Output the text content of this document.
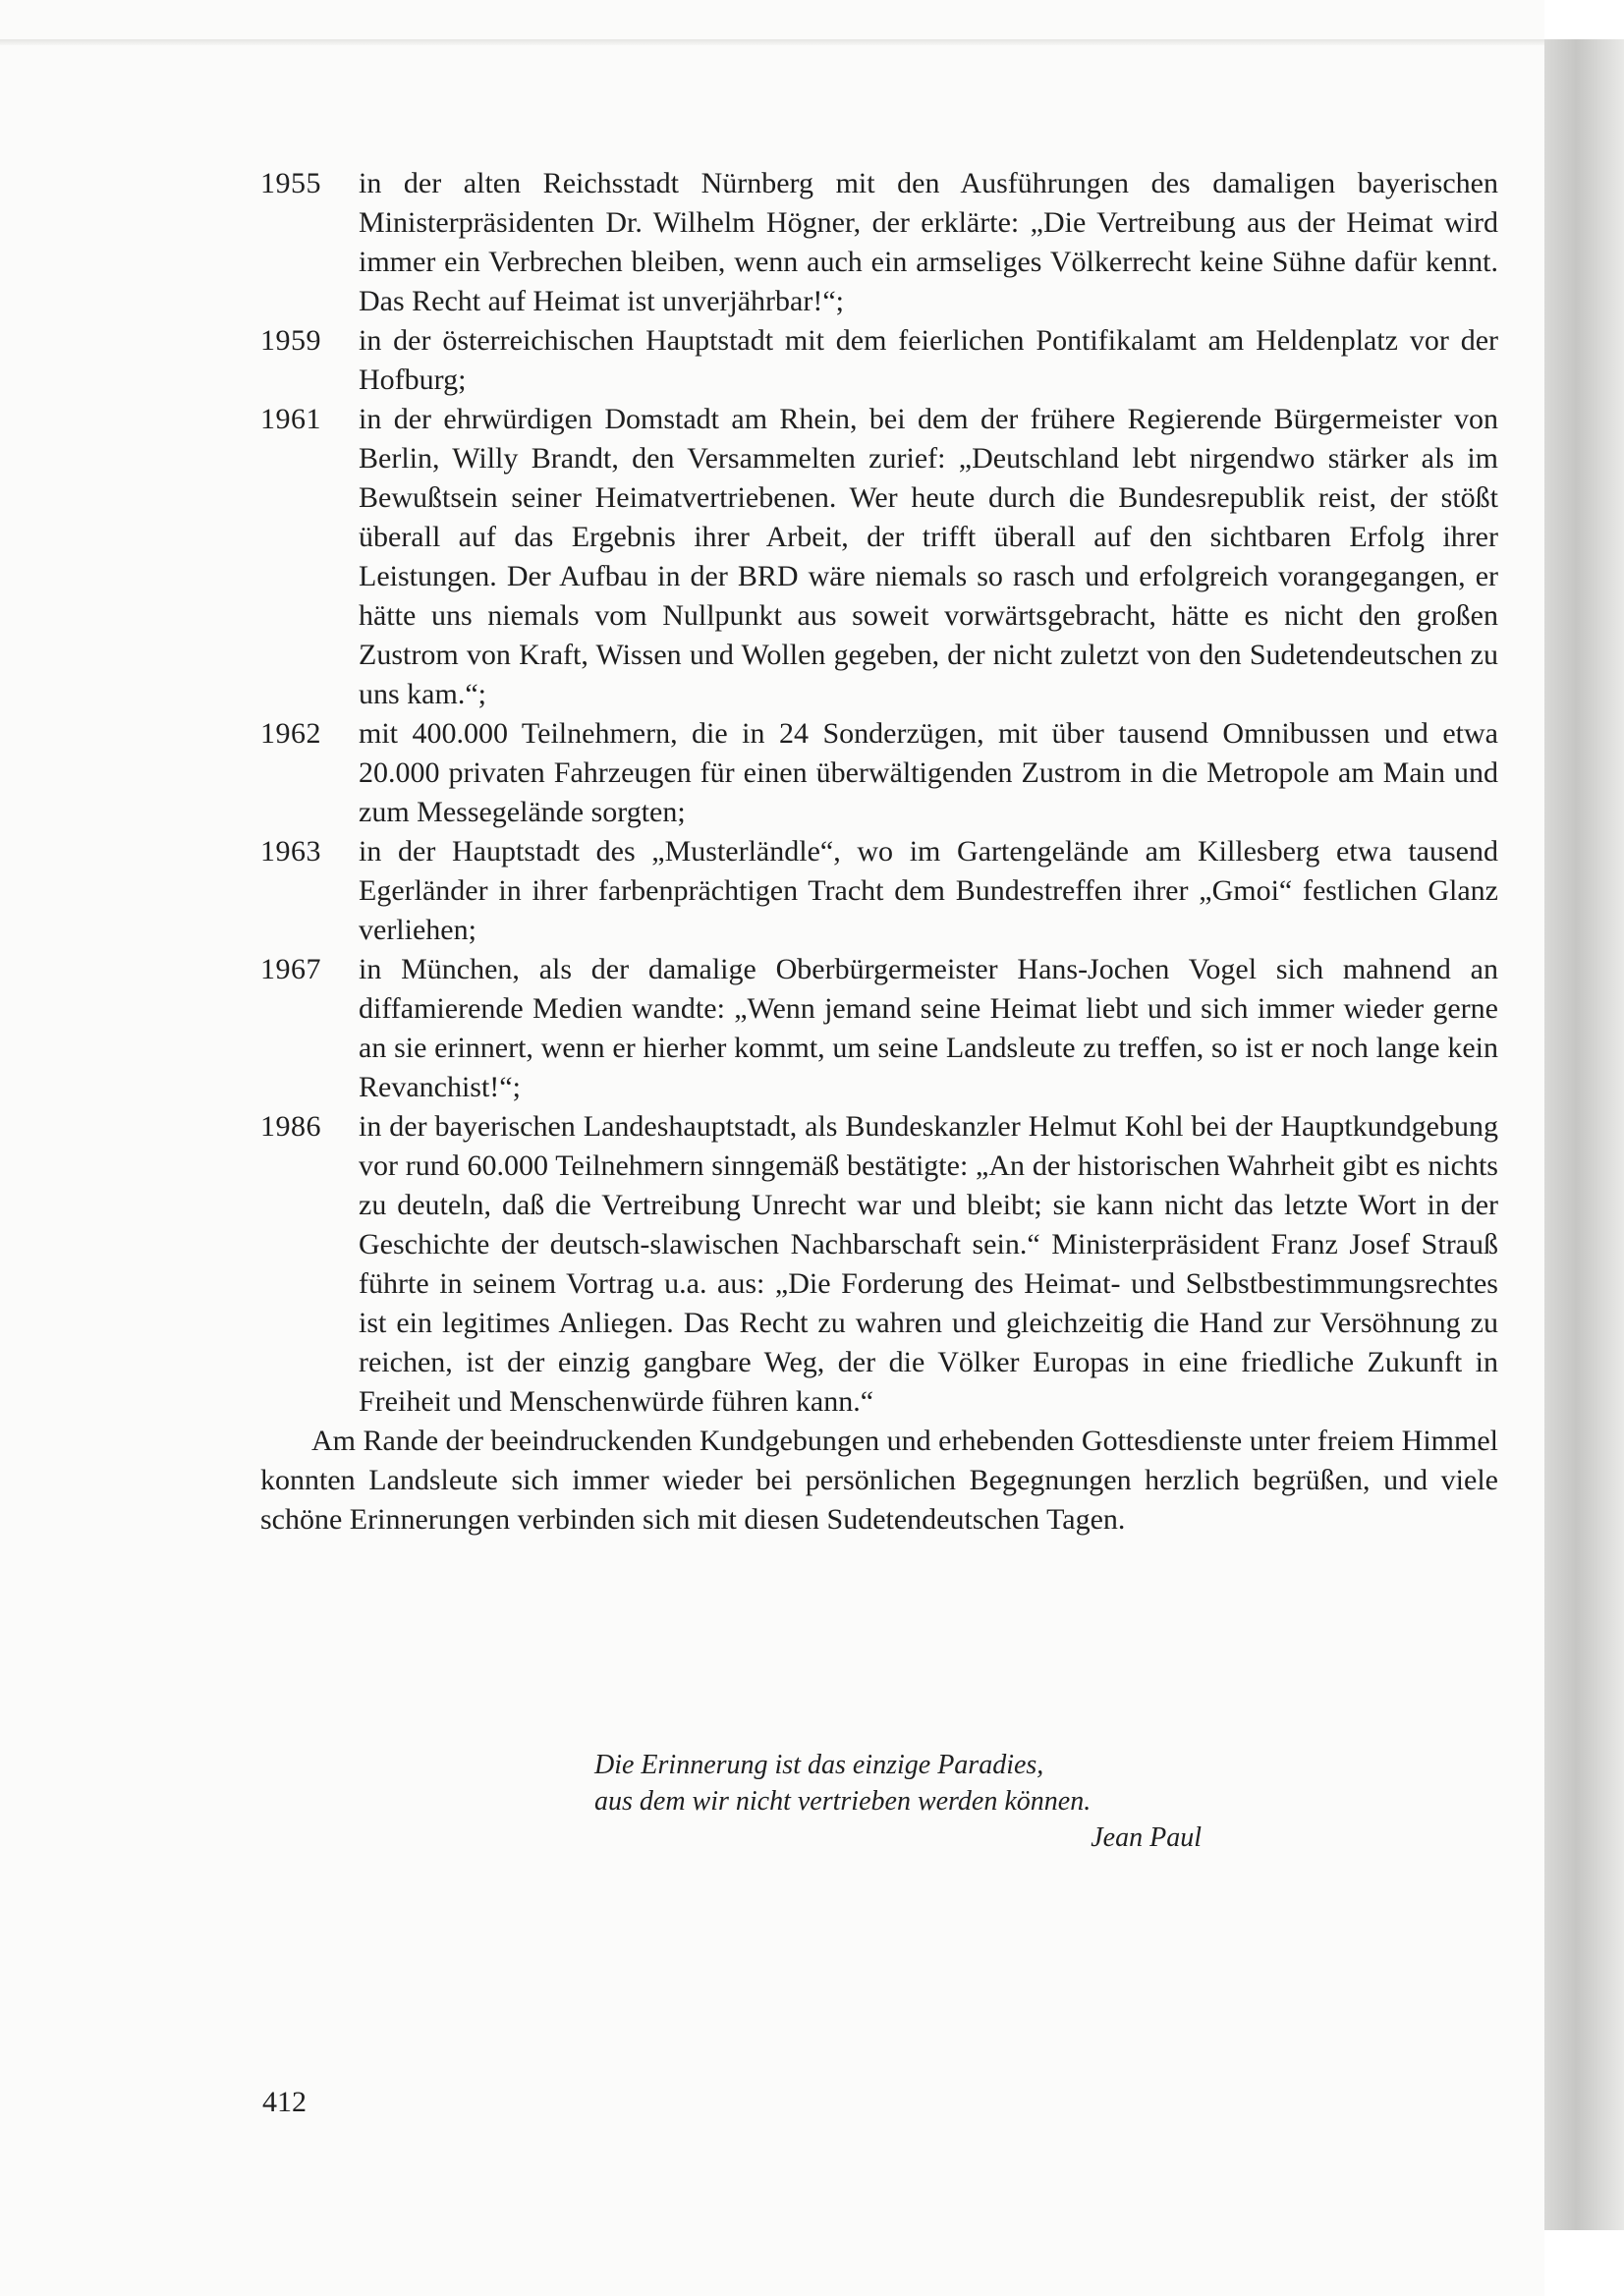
1955	in der alten Reichsstadt Nürnberg mit den Ausführungen des damaligen bayerischen Ministerpräsidenten Dr. Wilhelm Högner, der erklärte: „Die Vertreibung aus der Heimat wird immer ein Verbrechen bleiben, wenn auch ein armseliges Völkerrecht keine Sühne dafür kennt. Das Recht auf Heimat ist unverjährbar!“;
1959	in der österreichischen Hauptstadt mit dem feierlichen Pontifikalamt am Heldenplatz vor der Hofburg;
1961	in der ehrwürdigen Domstadt am Rhein, bei dem der frühere Regierende Bürgermeister von Berlin, Willy Brandt, den Versammelten zurief: „Deutschland lebt nirgendwo stärker als im Bewußtsein seiner Heimatvertriebenen. Wer heute durch die Bundesrepublik reist, der stößt überall auf das Ergebnis ihrer Arbeit, der trifft überall auf den sichtbaren Erfolg ihrer Leistungen. Der Aufbau in der BRD wäre niemals so rasch und erfolgreich vorangegangen, er hätte uns niemals vom Nullpunkt aus soweit vorwärtsgebracht, hätte es nicht den großen Zustrom von Kraft, Wissen und Wollen gegeben, der nicht zuletzt von den Sudetendeutschen zu uns kam.“;
1962	mit 400.000 Teilnehmern, die in 24 Sonderzügen, mit über tausend Omnibussen und etwa 20.000 privaten Fahrzeugen für einen überwältigenden Zustrom in die Metropole am Main und zum Messegelände sorgten;
1963	in der Hauptstadt des „Musterländle“, wo im Gartengelände am Killesberg etwa tausend Egerländer in ihrer farbenprächtigen Tracht dem Bundestreffen ihrer „Gmoi“ festlichen Glanz verliehen;
1967	in München, als der damalige Oberbürgermeister Hans-Jochen Vogel sich mahnend an diffamierende Medien wandte: „Wenn jemand seine Heimat liebt und sich immer wieder gerne an sie erinnert, wenn er hierher kommt, um seine Landsleute zu treffen, so ist er noch lange kein Revanchist!“;
1986	in der bayerischen Landeshauptstadt, als Bundeskanzler Helmut Kohl bei der Hauptkundgebung vor rund 60.000 Teilnehmern sinngemäß bestätigte: „An der historischen Wahrheit gibt es nichts zu deuteln, daß die Vertreibung Unrecht war und bleibt; sie kann nicht das letzte Wort in der Geschichte der deutsch-slawischen Nachbarschaft sein.“ Ministerpräsident Franz Josef Strauß führte in seinem Vortrag u.a. aus: „Die Forderung des Heimat- und Selbstbestimmungsrechtes ist ein legitimes Anliegen. Das Recht zu wahren und gleichzeitig die Hand zur Versöhnung zu reichen, ist der einzig gangbare Weg, der die Völker Europas in eine friedliche Zukunft in Freiheit und Menschenwürde führen kann.“

Am Rande der beeindruckenden Kundgebungen und erhebenden Gottesdienste unter freiem Himmel konnten Landsleute sich immer wieder bei persönlichen Begegnungen herzlich begrüßen, und viele schöne Erinnerungen verbinden sich mit diesen Sudetendeutschen Tagen.

Die Erinnerung ist das einzige Paradies,
aus dem wir nicht vertrieben werden können.
Jean Paul
412
